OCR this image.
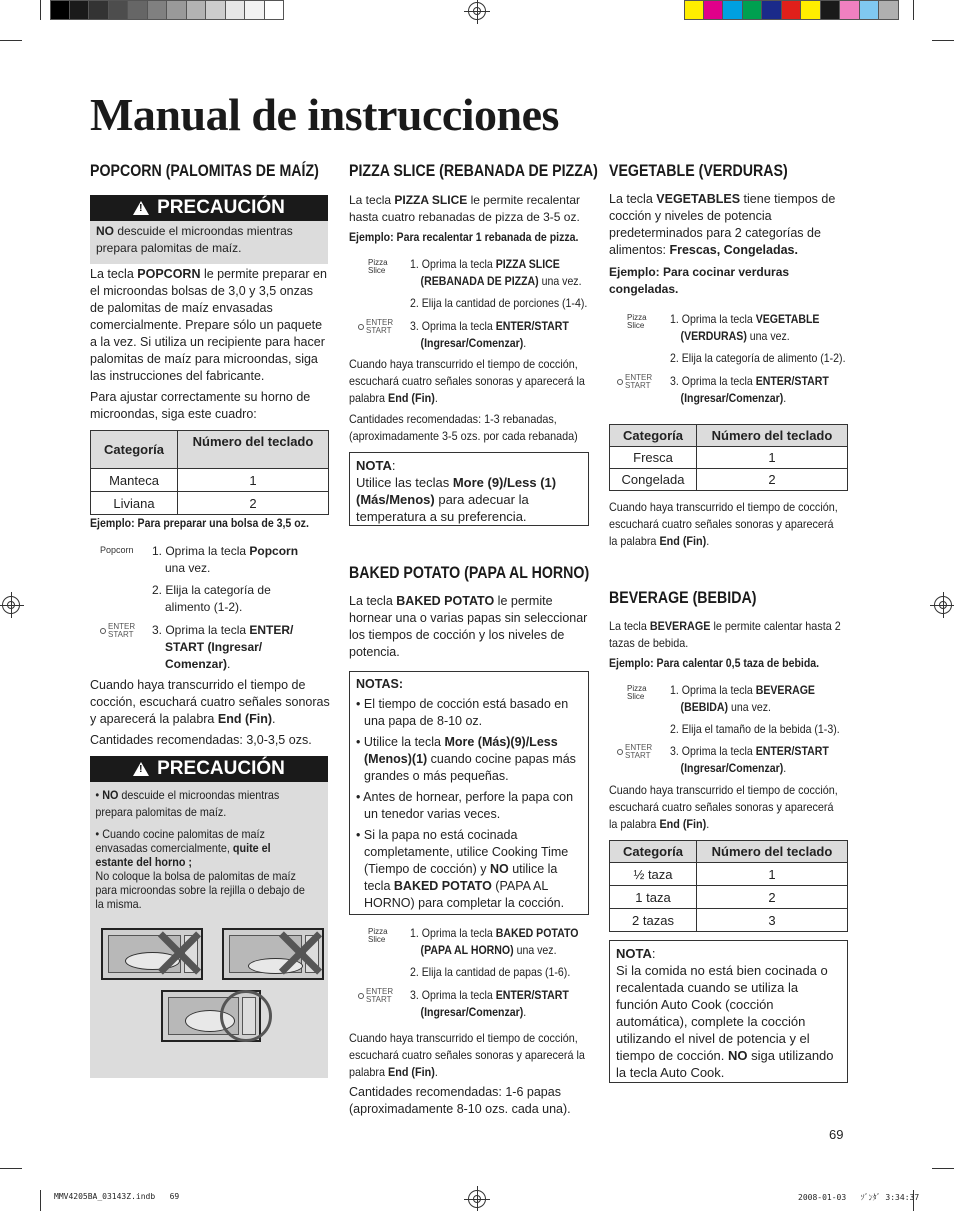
Manual de instrucciones
POPCORN (PALOMITAS DE MAÍZ)
!
PRECAUCIÓN
NO descuide el microondas mientras prepara palomitas de maíz.
La tecla POPCORN le permite preparar en el microondas bolsas de 3,0 y 3,5 onzas de palomitas de maíz envasadas comercialmente. Prepare sólo un paquete a la vez. Si utiliza un recipiente para hacer palomitas de maíz para microondas, siga las instrucciones del fabricante.
Para ajustar correctamente su horno de microondas, siga este cuadro:
Categoría	Número del teclado
Manteca	1
Liviana	2
Ejemplo: Para preparar una bolsa de 3,5 oz.
Popcorn 1. Oprima la tecla Popcorn
una vez.
2. Elija la categoría de
alimento (1-2).
ENTER
START 3. Oprima la tecla ENTER/
START (Ingresar/
Comenzar).
Cuando haya transcurrido el tiempo de cocción, escuchará cuatro señales sonoras y aparecerá la palabra End (Fin).
Cantidades recomendadas: 3,0-3,5 ozs.
!
PRECAUCIÓN
• NO descuide el microondas mientras prepara palomitas de maíz.
• Cuando cocine palomitas de maíz envasadas comercialmente, quite el estante del horno ;
No coloque la bolsa de palomitas de maíz para microondas sobre la rejilla o debajo de la misma.
PIZZA SLICE (REBANADA DE PIZZA)
La tecla PIZZA SLICE le permite recalentar hasta cuatro rebanadas de pizza de 3-5 oz.
Ejemplo: Para recalentar 1 rebanada de pizza.
Pizza
Slice 1. Oprima la tecla PIZZA SLICE
(REBANADA DE PIZZA) una vez.
2. Elija la cantidad de porciones (1-4).
ENTER
START 3. Oprima la tecla ENTER/START
(Ingresar/Comenzar).
Cuando haya transcurrido el tiempo de cocción, escuchará cuatro señales sonoras y aparecerá la palabra End (Fin).
Cantidades recomendadas: 1-3 rebanadas, (aproximadamente 3-5 ozs. por cada rebanada)
NOTA:
Utilice las teclas More (9)/Less (1) (Más/Menos) para adecuar la temperatura a su preferencia.
BAKED POTATO (PAPA AL HORNO)
La tecla BAKED POTATO le permite hornear una o varias papas sin seleccionar los tiempos de cocción y los niveles de potencia.
NOTAS:
• El tiempo de cocción está basado en una papa de 8-10 oz.
• Utilice la tecla More (Más)(9)/Less (Menos)(1) cuando cocine papas más grandes o más pequeñas.
• Antes de hornear, perfore la papa con un tenedor varias veces.
• Si la papa no está cocinada completamente, utilice Cooking Time (Tiempo de cocción) y NO utilice la tecla BAKED POTATO (PAPA AL HORNO) para completar la cocción.
Pizza
Slice 1. Oprima la tecla BAKED POTATO
(PAPA AL HORNO) una vez.
2. Elija la cantidad de papas (1-6).
ENTER
START 3. Oprima la tecla ENTER/START
(Ingresar/Comenzar).
Cuando haya transcurrido el tiempo de cocción, escuchará cuatro señales sonoras y aparecerá la palabra End (Fin).
Cantidades recomendadas: 1-6 papas (aproximadamente 8-10 ozs. cada una).
VEGETABLE (VERDURAS)
La tecla VEGETABLES tiene tiempos de cocción y niveles de potencia predeterminados para 2 categorías de alimentos: Frescas, Congeladas.
Ejemplo: Para cocinar verduras congeladas.
Pizza
Slice 1. Oprima la tecla VEGETABLE
(VERDURAS) una vez.
2. Elija la categoría de alimento (1-2).
ENTER
START 3. Oprima la tecla ENTER/START
(Ingresar/Comenzar).
Categoría	Número del teclado
Fresca	1
Congelada	2
Cuando haya transcurrido el tiempo de cocción, escuchará cuatro señales sonoras y aparecerá la palabra End (Fin).
BEVERAGE (BEBIDA)
La tecla BEVERAGE le permite calentar hasta 2 tazas de bebida.
Ejemplo: Para calentar 0,5 taza de bebida.
Pizza
Slice 1. Oprima la tecla BEVERAGE
(BEBIDA) una vez.
2. Elija el tamaño de la bebida (1-3).
ENTER
START 3. Oprima la tecla ENTER/START
(Ingresar/Comenzar).
Cuando haya transcurrido el tiempo de cocción, escuchará cuatro señales sonoras y aparecerá la palabra End (Fin).
Categoría	Número del teclado
½ taza	1
1 taza	2
2 tazas	3
NOTA:
Si la comida no está bien cocinada o recalentada cuando se utiliza la función Auto Cook (cocción automática), complete la cocción utilizando el nivel de potencia y el tiempo de cocción. NO siga utilizando la tecla Auto Cook.
69
MMV4205BA_03143Z.indb   69	2008-01-03   ｿﾞﾝﾀﾞ 3:34:37
